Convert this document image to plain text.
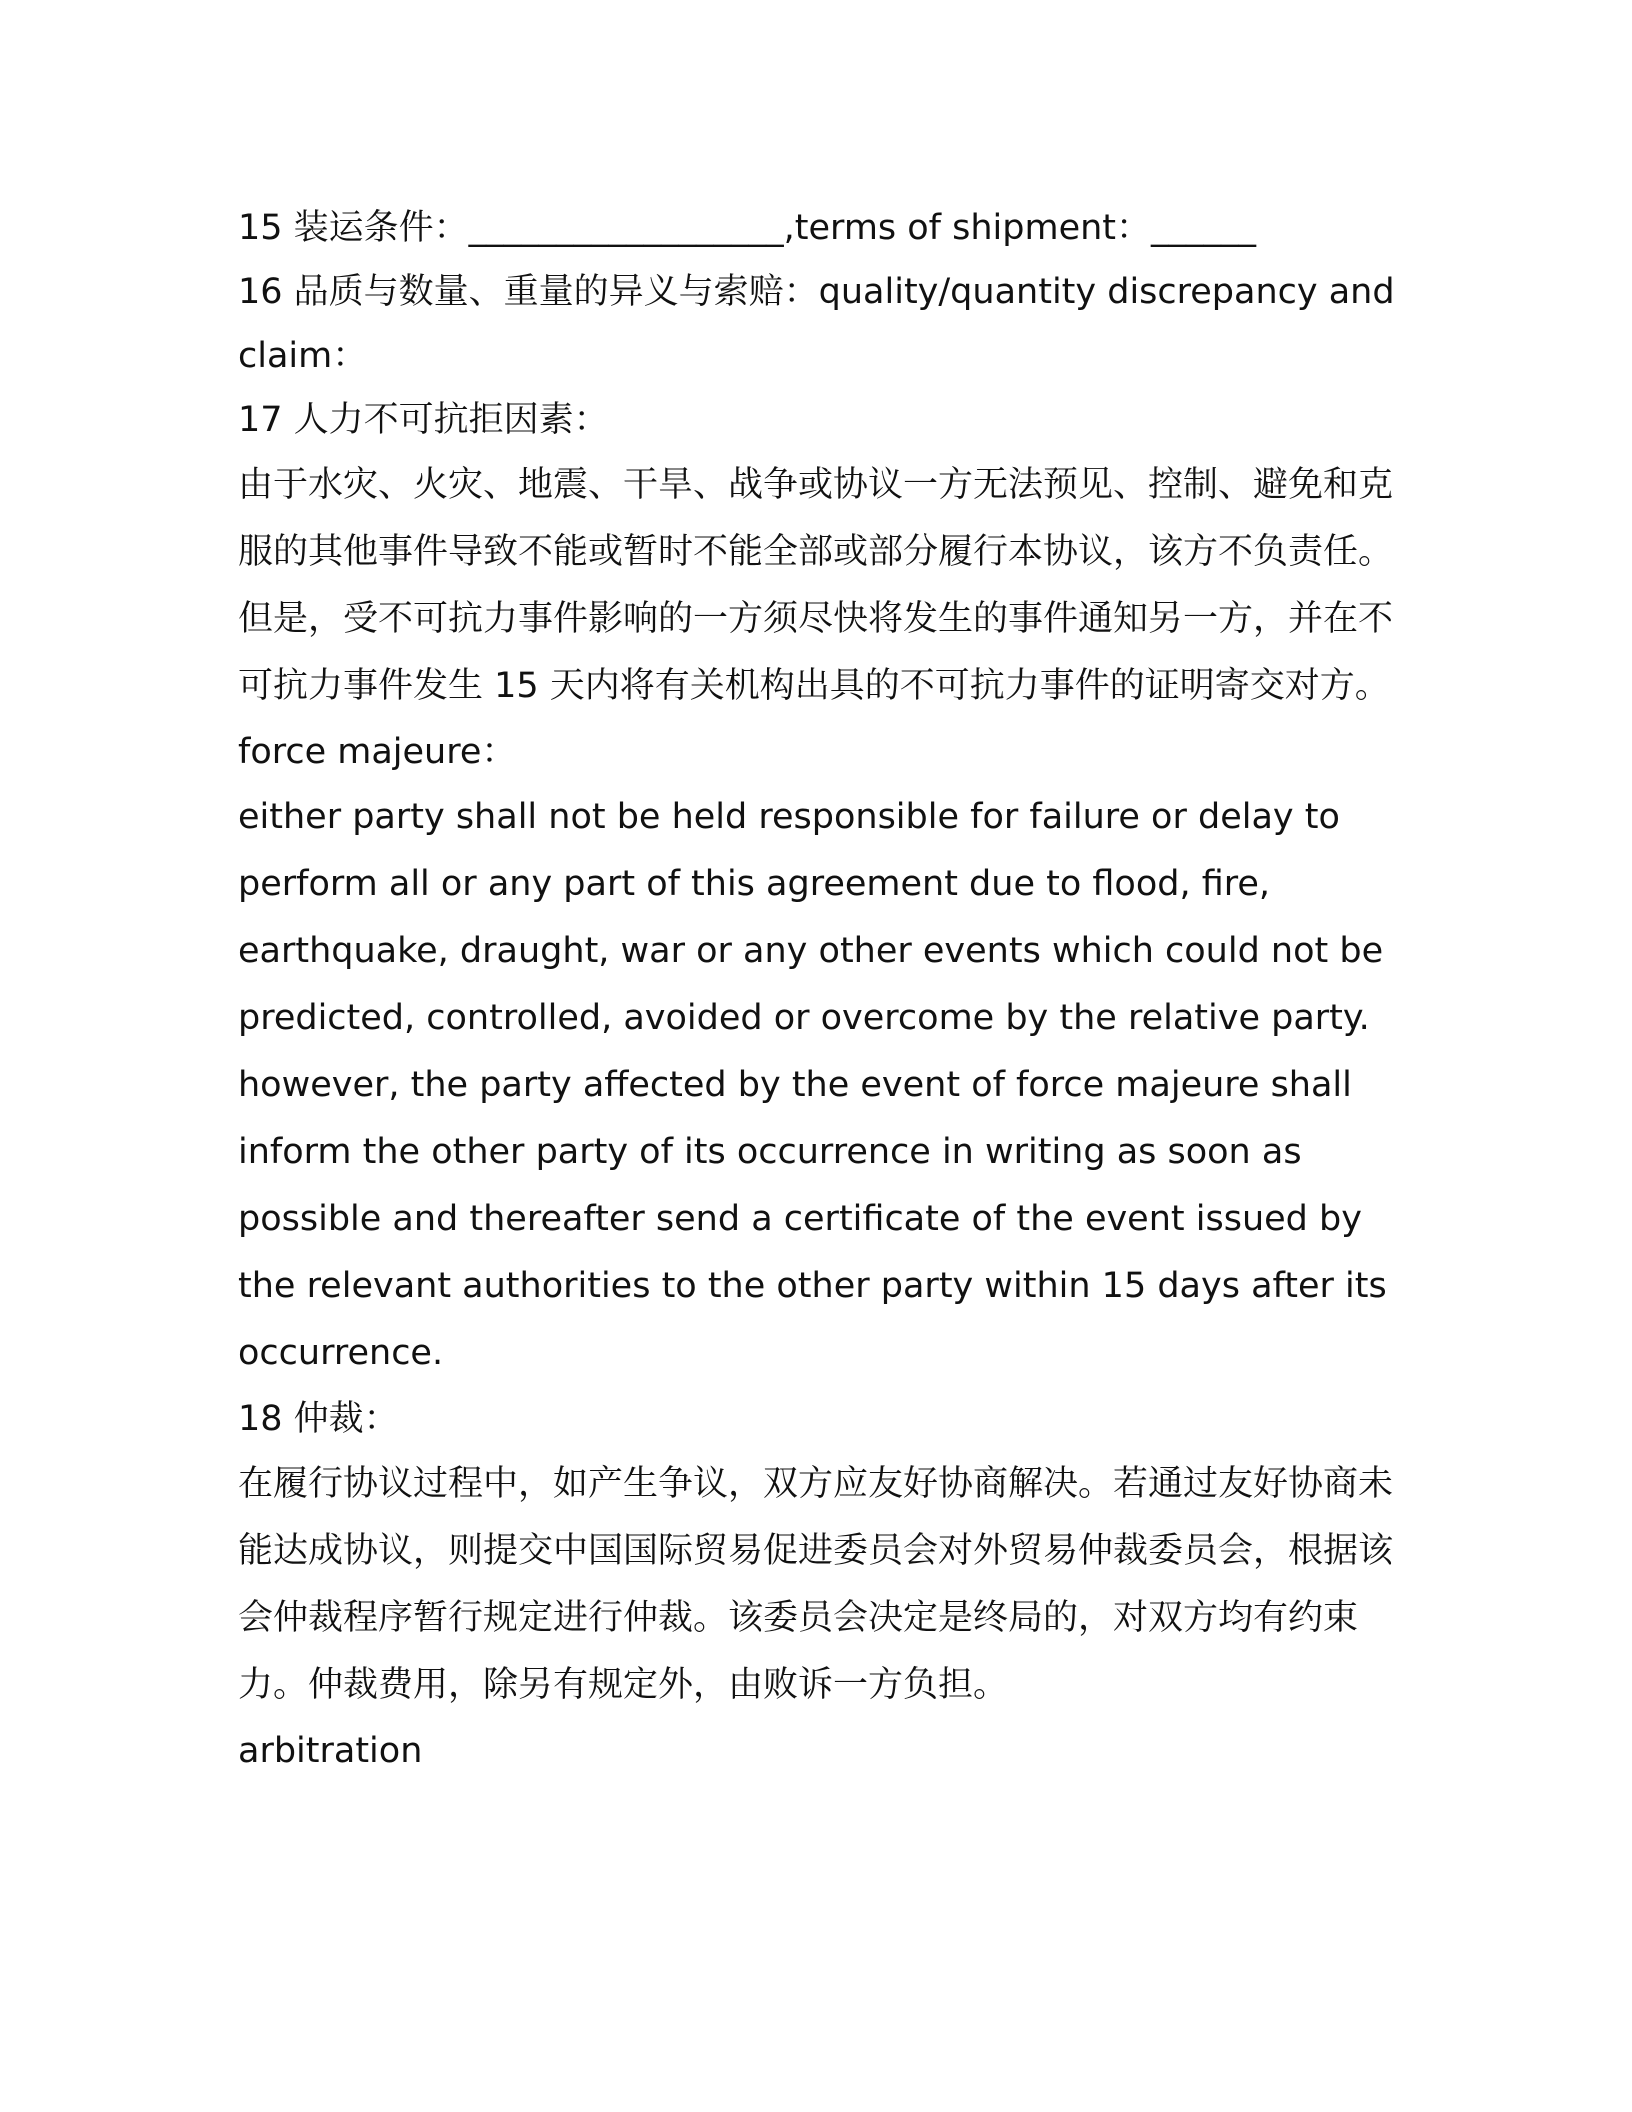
15 装运条件：__________________,terms of shipment：______

16 品质与数量、重量的异义与索赔：quality/quantity discrepancy and claim：

17 人力不可抗拒因素：

由于水灾、火灾、地震、干旱、战争或协议一方无法预见、控制、避免和克服的其他事件导致不能或暂时不能全部或部分履行本协议，该方不负责任。但是，受不可抗力事件影响的一方须尽快将发生的事件通知另一方，并在不可抗力事件发生 15 天内将有关机构出具的不可抗力事件的证明寄交对方。

force majeure：

either party shall not be held responsible for failure or delay to perform all or any part of this agreement due to flood, fire, earthquake, draught, war or any other events which could not be predicted, controlled, avoided or overcome by the relative party. however, the party affected by the event of force majeure shall inform the other party of its occurrence in writing as soon as possible and thereafter send a certificate of the event issued by the relevant authorities to the other party within 15 days after its occurrence.

18 仲裁：

在履行协议过程中，如产生争议，双方应友好协商解决。若通过友好协商未能达成协议，则提交中国国际贸易促进委员会对外贸易仲裁委员会，根据该会仲裁程序暂行规定进行仲裁。该委员会决定是终局的，对双方均有约束力。仲裁费用，除另有规定外，由败诉一方负担。

arbitration
